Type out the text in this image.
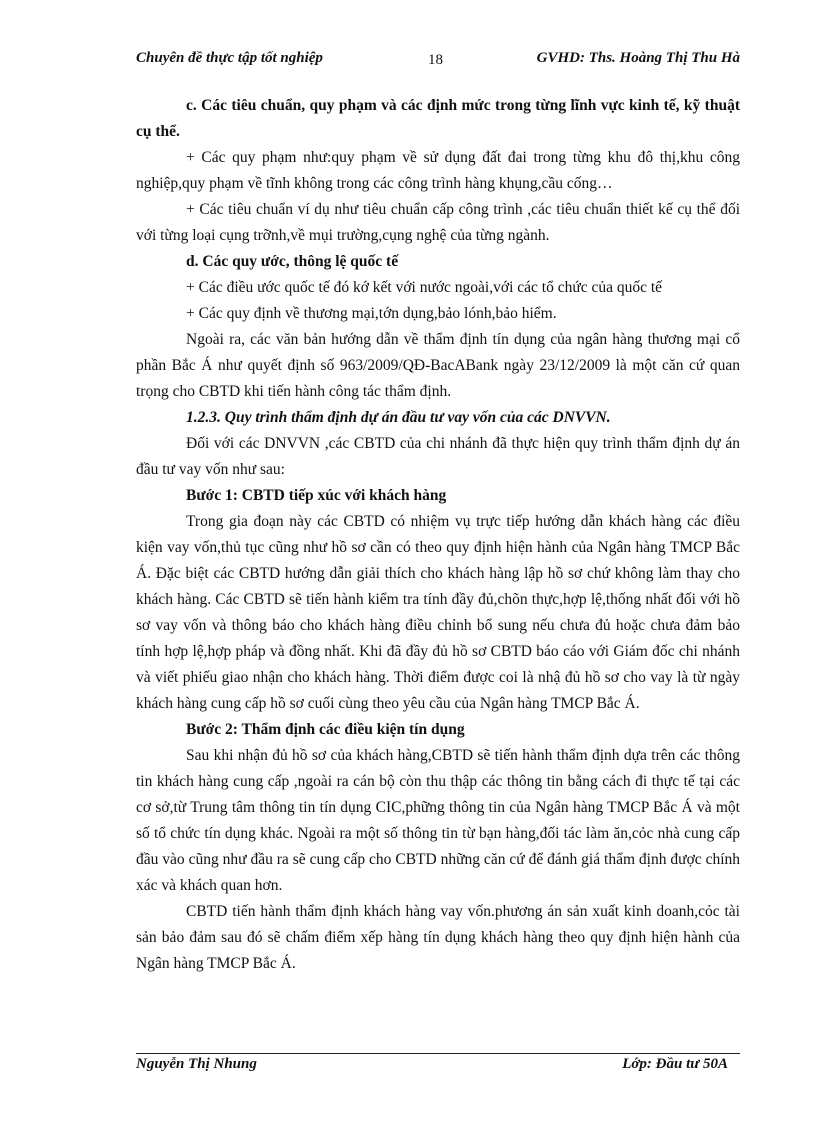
Chuyên đề thực tập tốt nghiệp	18	GVHD: Ths. Hoàng Thị Thu Hà

c. Các tiêu chuẩn, quy phạm và các định mức trong từng lĩnh vực kinh tế, kỹ thuật cụ thể.

+ Các quy phạm như:quy phạm về sử dụng đất đai trong từng khu đô thị,khu công nghiệp,quy phạm về tĩnh không trong các công trình hàng khụng,cầu cống…

+ Các tiêu chuẩn ví dụ như tiêu chuẩn cấp công trình ,các tiêu chuẩn thiết kế cụ thể đối với từng loại cụng trỡnh,về mụi trường,cụng nghệ của từng ngành.

d. Các quy ước, thông lệ quốc tế

+ Các điều ước quốc tế đó kớ kết với nước ngoài,với các tổ chức của quốc tế

+ Các quy định về thương mại,tớn dụng,bảo lónh,bảo hiểm.

Ngoài ra, các văn bản hướng dẫn về thẩm định tín dụng của ngân hàng thương mại cổ phần Bắc Á như quyết định số 963/2009/QĐ-BacABank ngày 23/12/2009 là một căn cứ quan trọng cho CBTD khi tiến hành công tác thẩm định.

1.2.3. Quy trình thẩm định dự án đầu tư vay vốn của các DNVVN.

Đối với các DNVVN ,các CBTD của chi nhánh đã thực hiện quy trình thẩm định dự án đầu tư vay vốn như sau:

Bước 1: CBTD tiếp xúc với khách hàng

Trong gia đoạn này các CBTD có nhiệm vụ trực tiếp hướng dẫn khách hàng các điều kiện vay vốn,thủ tục cũng như hồ sơ cần có theo quy định hiện hành của Ngân hàng TMCP Bắc Á. Đặc biệt các CBTD hướng dẫn giải thích cho khách hàng lập hồ sơ chứ không làm thay cho khách hàng. Các CBTD sẽ tiến hành kiểm tra tính đầy đủ,chõn thực,hợp lệ,thống nhất đối với hồ sơ vay vốn và thông báo cho khách hàng điều chỉnh bổ sung nếu chưa đủ hoặc chưa đảm bảo tính hợp lệ,hợp pháp và đồng nhất. Khi đã đầy đủ hồ sơ CBTD báo cáo với Giám đốc chi nhánh và viết phiếu giao nhận cho khách hàng. Thời điểm được coi là nhậ đủ hồ sơ cho vay là từ ngày khách hàng cung cấp hồ sơ cuối cùng theo yêu cầu của Ngân hàng TMCP Bắc Á.

Bước 2: Thẩm định các điều kiện tín dụng

Sau khi nhận đủ hồ sơ của khách hàng,CBTD sẽ tiến hành thẩm định dựa trên các thông tin khách hàng cung cấp ,ngoài ra cán bộ còn thu thập các thông tin bằng cách đi thực tế tại các cơ sở,từ Trung tâm thông tin tín dụng CIC,phững thông tin của Ngân hàng TMCP Bắc Á và một số tổ chức tín dụng khác. Ngoài ra một số thông tin từ bạn hàng,đối tác làm ăn,cỏc nhà cung cấp đầu vào cũng như đầu ra sẽ cung cấp cho CBTD những căn cứ để đánh giá thẩm định được chính xác và khách quan hơn.

CBTD tiến hành thẩm định khách hàng vay vốn.phương án sản xuất kinh doanh,cỏc tài sản bảo đảm sau đó sẽ chấm điểm xếp hàng tín dụng khách hàng theo quy định hiện hành của Ngân hàng TMCP Bắc Á.

Nguyễn Thị Nhung	Lớp: Đầu tư 50A
